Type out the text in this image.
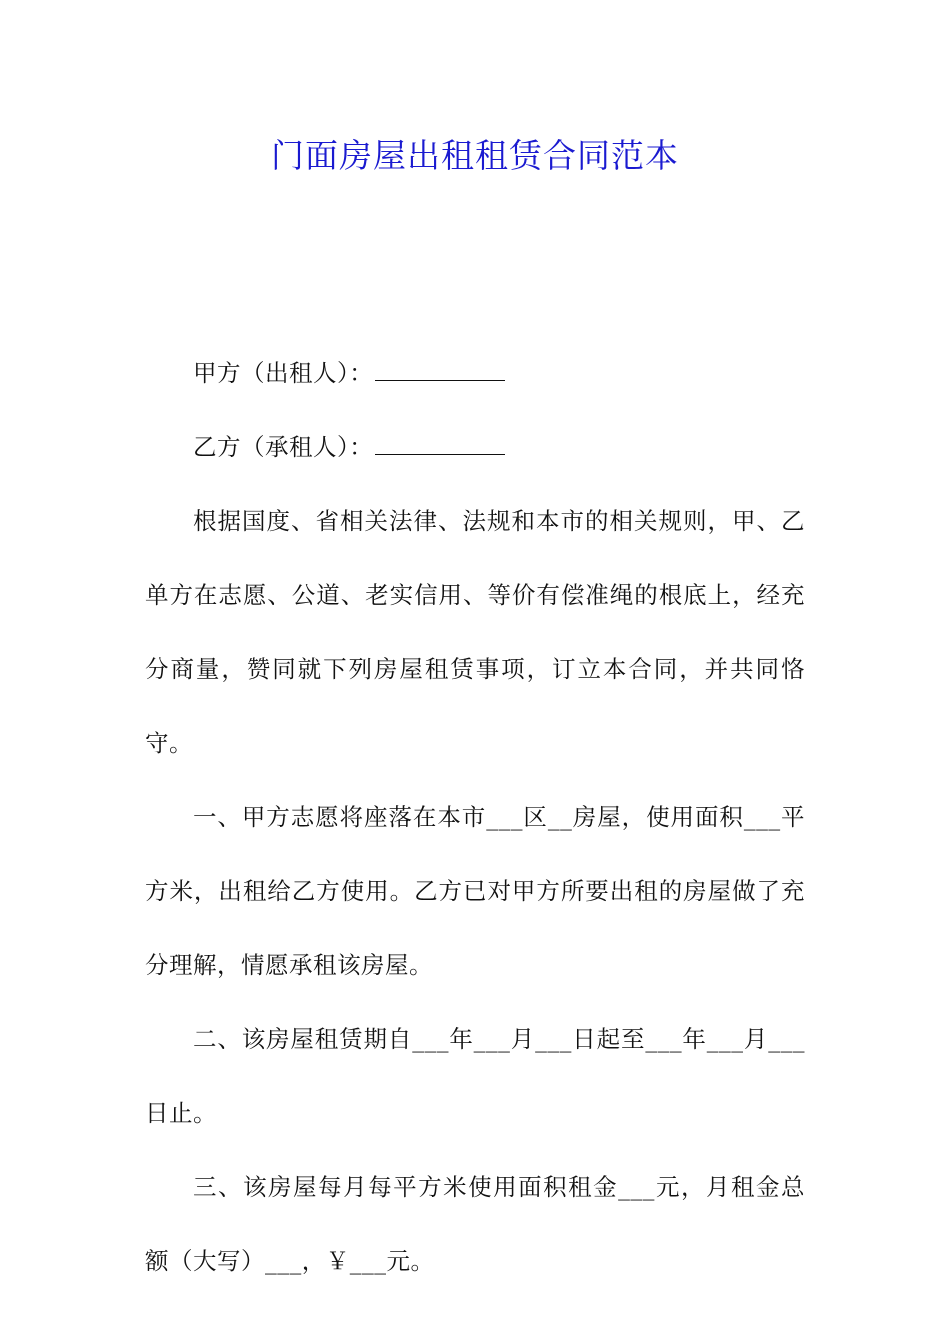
门面房屋出租租赁合同范本

甲方（出租人）：

乙方（承租人）：

根据国度、省相关法律、法规和本市的相关规则，甲、乙单方在志愿、公道、老实信用、等价有偿准绳的根底上，经充分商量，赞同就下列房屋租赁事项，订立本合同，并共同恪守。

一、甲方志愿将座落在本市___区__房屋，使用面积___平方米，出租给乙方使用。乙方已对甲方所要出租的房屋做了充分理解，情愿承租该房屋。

二、该房屋租赁期自___年___月___日起至___年___月___日止。

三、该房屋每月每平方米使用面积租金___元，月租金总额（大写）___，￥___元。
